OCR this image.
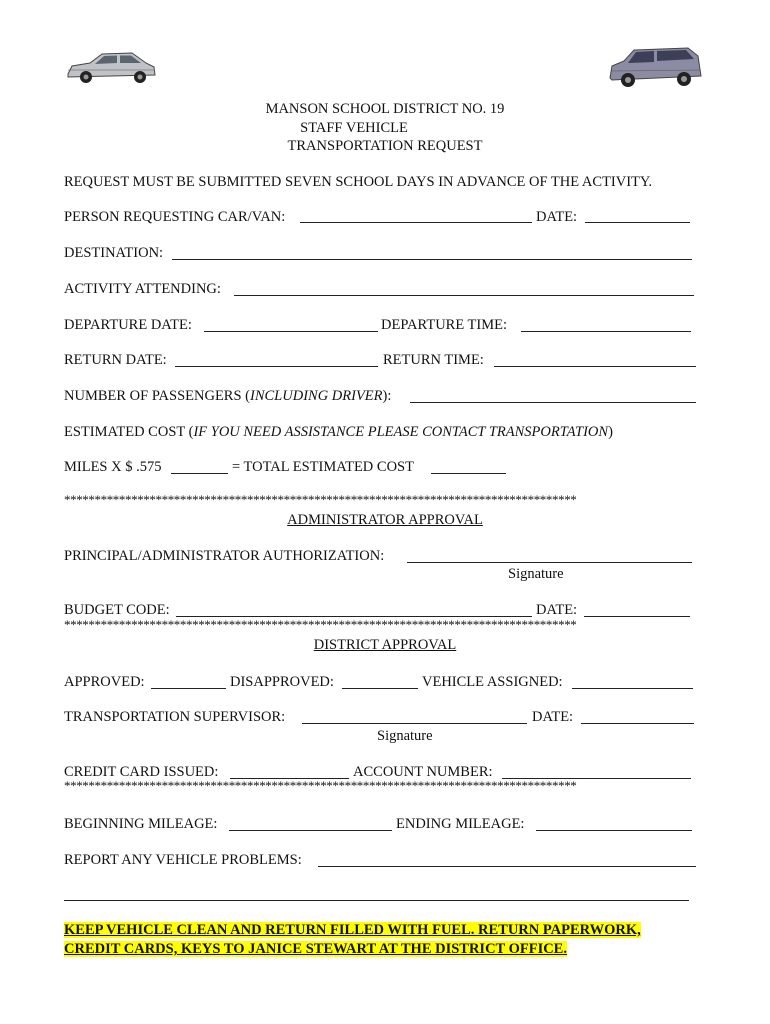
MANSON SCHOOL DISTRICT NO. 19
STAFF VEHICLE
TRANSPORTATION REQUEST
REQUEST MUST BE SUBMITTED SEVEN SCHOOL DAYS IN ADVANCE OF THE ACTIVITY.
PERSON REQUESTING CAR/VAN:	DATE:
DESTINATION:
ACTIVITY ATTENDING:
DEPARTURE DATE:	DEPARTURE TIME:
RETURN DATE:	RETURN TIME:
NUMBER OF PASSENGERS (INCLUDING DRIVER):
ESTIMATED COST (IF YOU NEED ASSISTANCE PLEASE CONTACT TRANSPORTATION)
MILES X $ .575	= TOTAL ESTIMATED COST
************************************************************************************
ADMINISTRATOR APPROVAL
PRINCIPAL/ADMINISTRATOR AUTHORIZATION:
Signature
BUDGET CODE:	DATE:
************************************************************************************
DISTRICT APPROVAL
APPROVED:	DISAPPROVED:	VEHICLE ASSIGNED:
TRANSPORTATION SUPERVISOR:	DATE:
Signature
CREDIT CARD ISSUED:	ACCOUNT NUMBER:
************************************************************************************
BEGINNING MILEAGE:	ENDING MILEAGE:
REPORT ANY VEHICLE PROBLEMS:
KEEP VEHICLE CLEAN AND RETURN FILLED WITH FUEL. RETURN PAPERWORK,
CREDIT CARDS, KEYS TO JANICE STEWART AT THE DISTRICT OFFICE.
